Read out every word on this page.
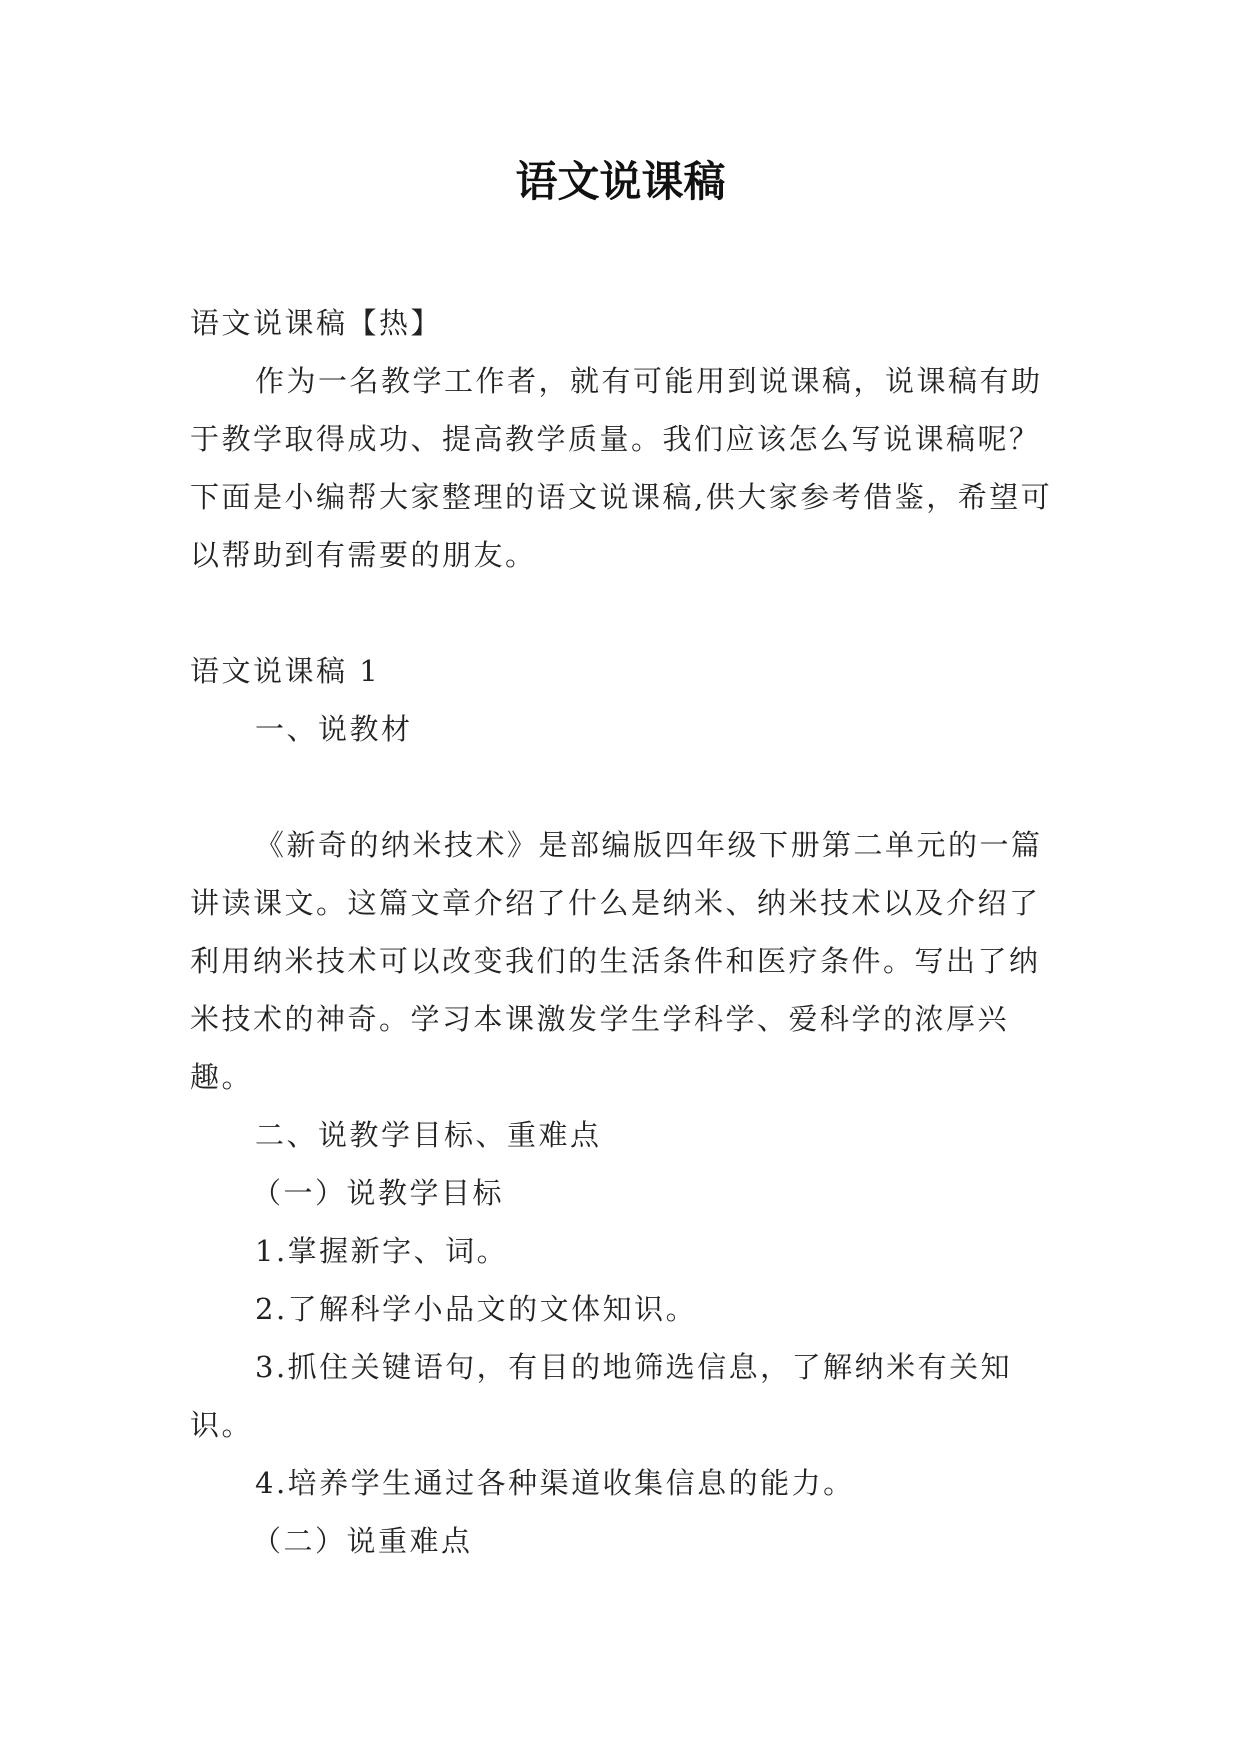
语文说课稿

语文说课稿【热】

作为一名教学工作者，就有可能用到说课稿，说课稿有助于教学取得成功、提高教学质量。我们应该怎么写说课稿呢？下面是小编帮大家整理的语文说课稿,供大家参考借鉴，希望可以帮助到有需要的朋友。

语文说课稿 1

一、说教材

《新奇的纳米技术》是部编版四年级下册第二单元的一篇讲读课文。这篇文章介绍了什么是纳米、纳米技术以及介绍了利用纳米技术可以改变我们的生活条件和医疗条件。写出了纳米技术的神奇。学习本课激发学生学科学、爱科学的浓厚兴趣。

二、说教学目标、重难点

（一）说教学目标

1.掌握新字、词。

2.了解科学小品文的文体知识。

3.抓住关键语句，有目的地筛选信息，了解纳米有关知识。

4.培养学生通过各种渠道收集信息的能力。

（二）说重难点
